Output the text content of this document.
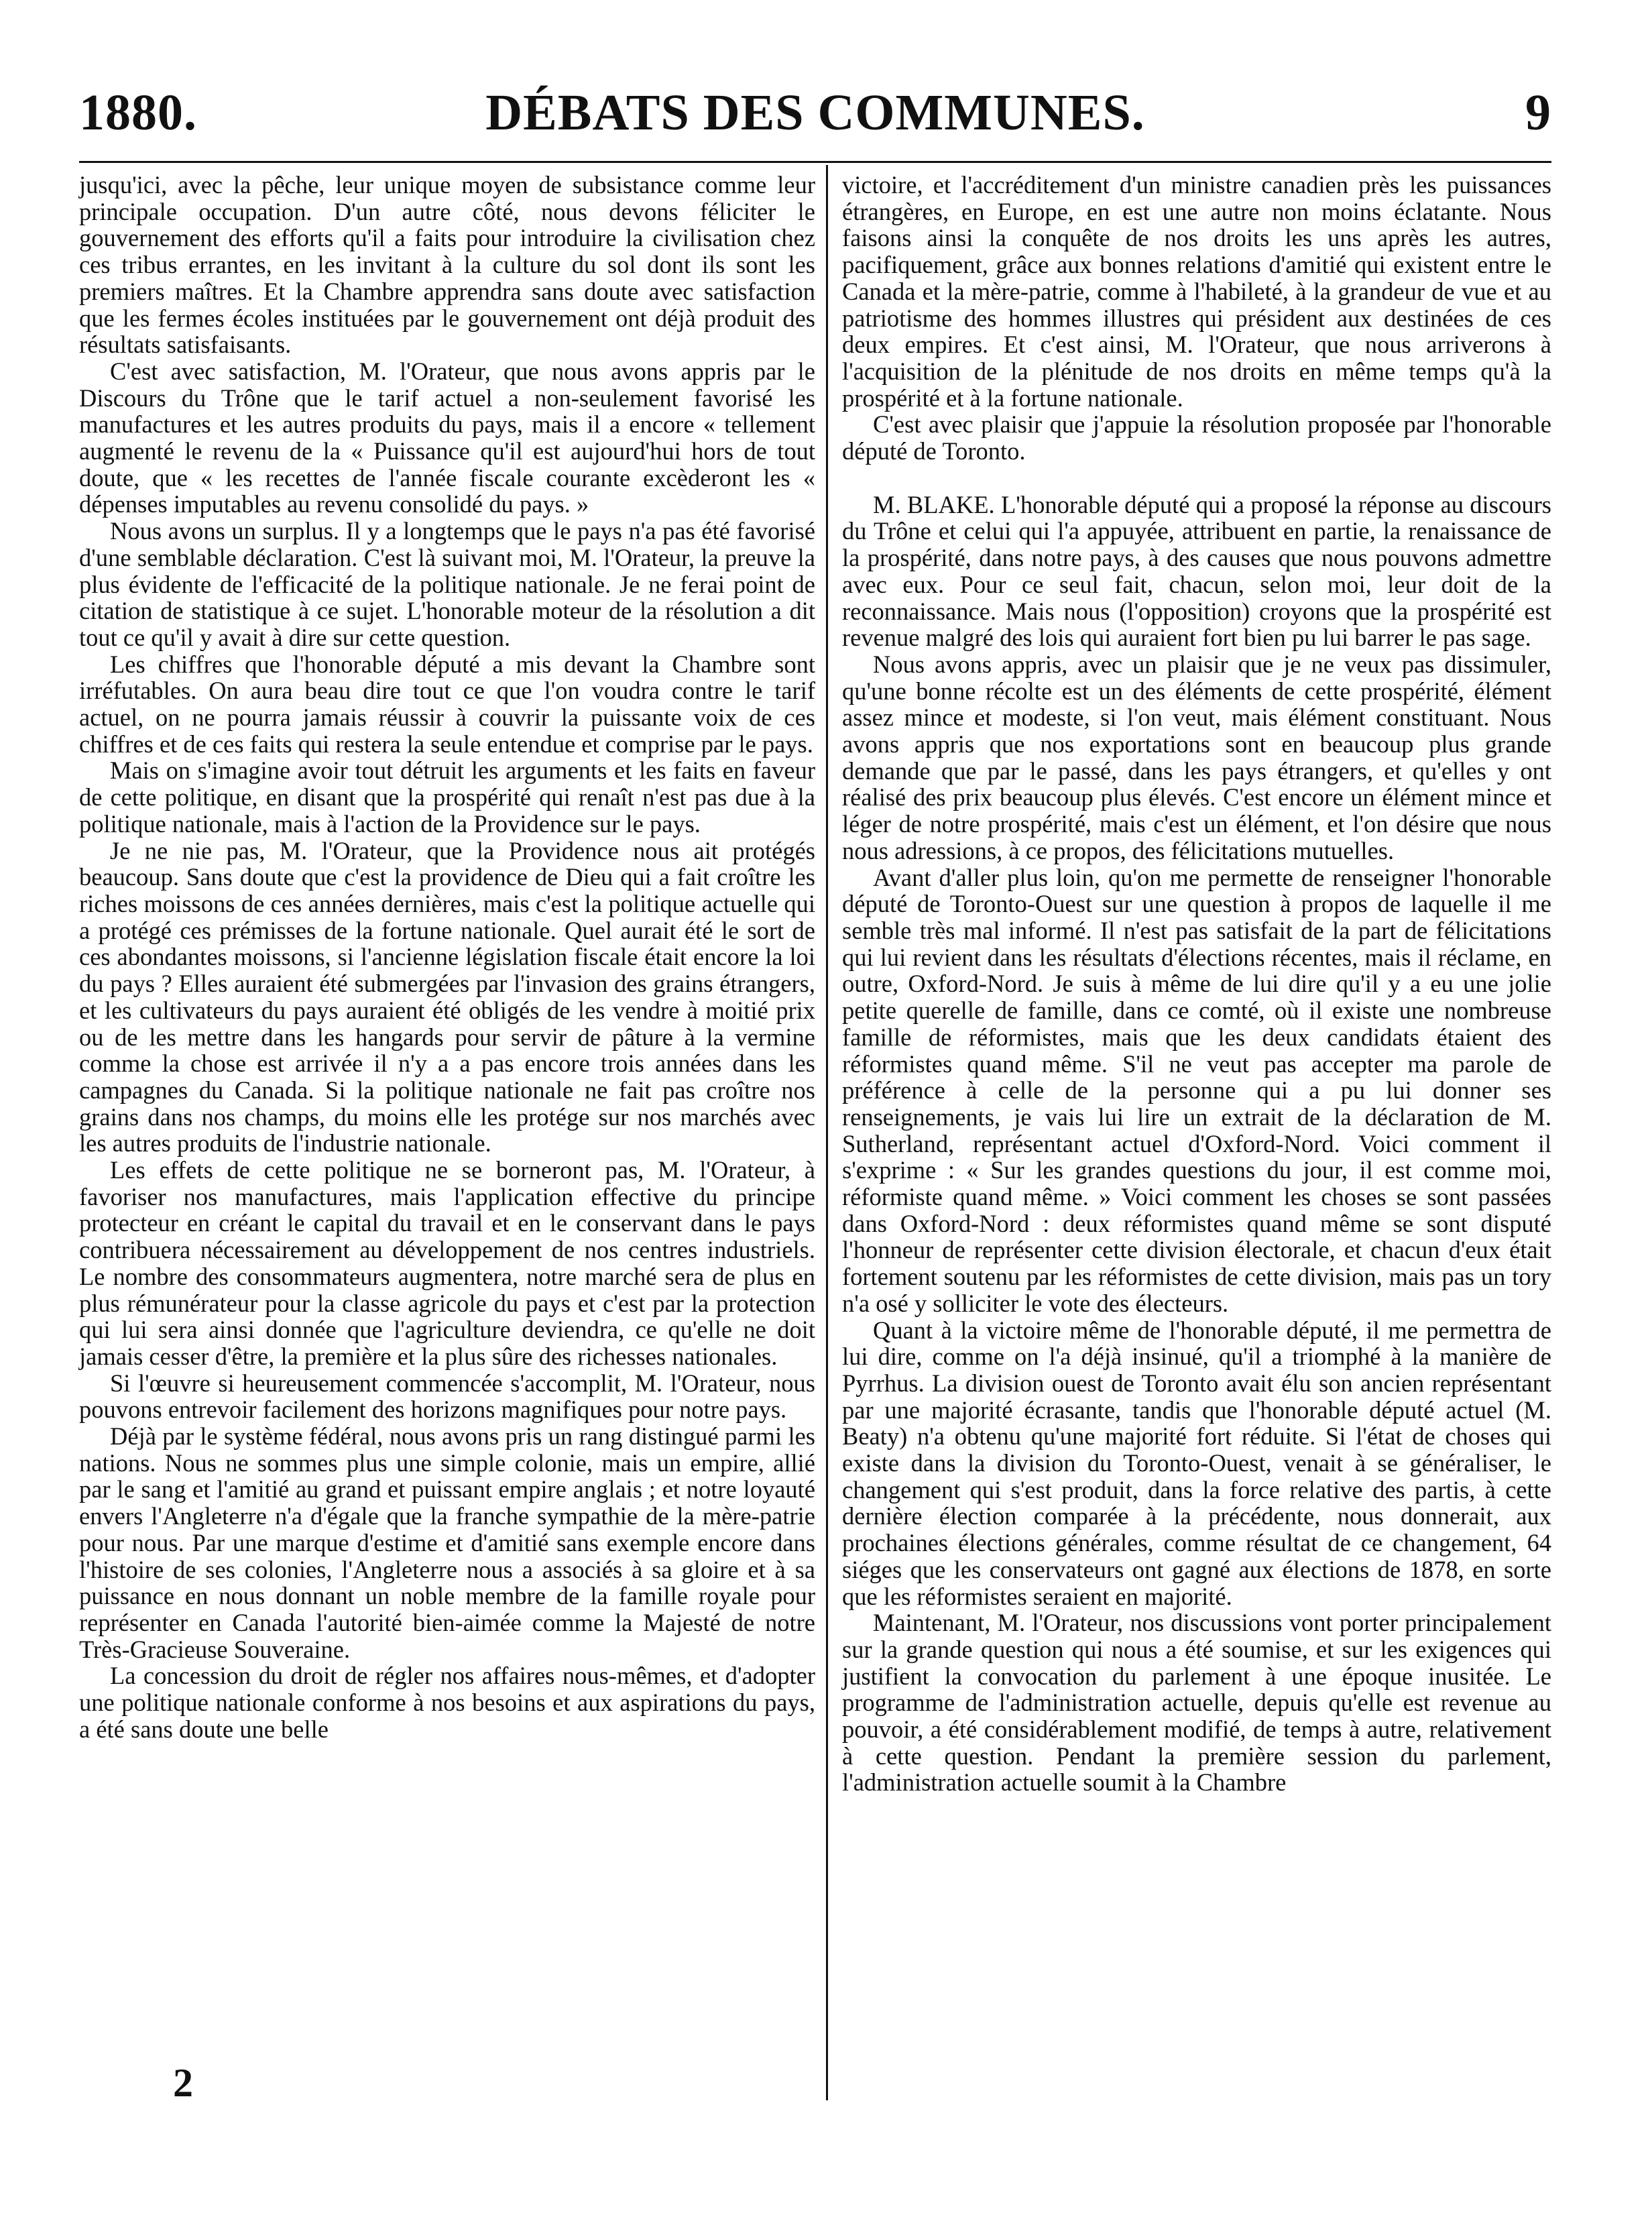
DÉBATS DES COMMUNES.
1880.	9

jusqu'ici, avec la pêche, leur unique moyen de subsistance comme leur principale occupation. D'un autre côté, nous devons féliciter le gouvernement des efforts qu'il a faits pour introduire la civilisation chez ces tribus errantes, en les invitant à la culture du sol dont ils sont les premiers maîtres. Et la Chambre apprendra sans doute avec satisfaction que les fermes écoles instituées par le gouvernement ont déjà produit des résultats satisfaisants.

C'est avec satisfaction, M. l'Orateur, que nous avons appris par le Discours du Trône que le tarif actuel a non-seulement favorisé les manufactures et les autres produits du pays, mais il a encore « tellement augmenté le revenu de la « Puissance qu'il est aujourd'hui hors de tout doute, que « les recettes de l'année fiscale courante excèderont les « dépenses imputables au revenu consolidé du pays. »

Nous avons un surplus. Il y a longtemps que le pays n'a pas été favorisé d'une semblable déclaration. C'est là suivant moi, M. l'Orateur, la preuve la plus évidente de l'efficacité de la politique nationale. Je ne ferai point de citation de statistique à ce sujet. L'honorable moteur de la résolution a dit tout ce qu'il y avait à dire sur cette question.

Les chiffres que l'honorable député a mis devant la Chambre sont irréfutables. On aura beau dire tout ce que l'on voudra contre le tarif actuel, on ne pourra jamais réussir à couvrir la puissante voix de ces chiffres et de ces faits qui restera la seule entendue et comprise par le pays.

Mais on s'imagine avoir tout détruit les arguments et les faits en faveur de cette politique, en disant que la prospérité qui renaît n'est pas due à la politique nationale, mais à l'action de la Providence sur le pays.

Je ne nie pas, M. l'Orateur, que la Providence nous ait protégés beaucoup. Sans doute que c'est la providence de Dieu qui a fait croître les riches moissons de ces années dernières, mais c'est la politique actuelle qui a protégé ces prémisses de la fortune nationale. Quel aurait été le sort de ces abondantes moissons, si l'ancienne législation fiscale était encore la loi du pays ? Elles auraient été submergées par l'invasion des grains étrangers, et les cultivateurs du pays auraient été obligés de les vendre à moitié prix ou de les mettre dans les hangards pour servir de pâture à la vermine comme la chose est arrivée il n'y a a pas encore trois années dans les campagnes du Canada. Si la politique nationale ne fait pas croître nos grains dans nos champs, du moins elle les protége sur nos marchés avec les autres produits de l'industrie nationale.

Les effets de cette politique ne se borneront pas, M. l'Orateur, à favoriser nos manufactures, mais l'application effective du principe protecteur en créant le capital du travail et en le conservant dans le pays contribuera nécessairement au développement de nos centres industriels. Le nombre des consommateurs augmentera, notre marché sera de plus en plus rémunérateur pour la classe agricole du pays et c'est par la protection qui lui sera ainsi donnée que l'agriculture deviendra, ce qu'elle ne doit jamais cesser d'être, la première et la plus sûre des richesses nationales.

Si l'œuvre si heureusement commencée s'accomplit, M. l'Orateur, nous pouvons entrevoir facilement des horizons magnifiques pour notre pays.

Déjà par le système fédéral, nous avons pris un rang distingué parmi les nations. Nous ne sommes plus une simple colonie, mais un empire, allié par le sang et l'amitié au grand et puissant empire anglais ; et notre loyauté envers l'Angleterre n'a d'égale que la franche sympathie de la mère-patrie pour nous. Par une marque d'estime et d'amitié sans exemple encore dans l'histoire de ses colonies, l'Angleterre nous a associés à sa gloire et à sa puissance en nous donnant un noble membre de la famille royale pour représenter en Canada l'autorité bien-aimée comme la Majesté de notre Très-Gracieuse Souveraine.

La concession du droit de régler nos affaires nous-mêmes, et d'adopter une politique nationale conforme à nos besoins et aux aspirations du pays, a été sans doute une belle

victoire, et l'accréditement d'un ministre canadien près les puissances étrangères, en Europe, en est une autre non moins éclatante. Nous faisons ainsi la conquête de nos droits les uns après les autres, pacifiquement, grâce aux bonnes relations d'amitié qui existent entre le Canada et la mère-patrie, comme à l'habileté, à la grandeur de vue et au patriotisme des hommes illustres qui président aux destinées de ces deux empires. Et c'est ainsi, M. l'Orateur, que nous arriverons à l'acquisition de la plénitude de nos droits en même temps qu'à la prospérité et à la fortune nationale.

C'est avec plaisir que j'appuie la résolution proposée par l'honorable député de Toronto.

M. BLAKE. L'honorable député qui a proposé la réponse au discours du Trône et celui qui l'a appuyée, attribuent en partie, la renaissance de la prospérité, dans notre pays, à des causes que nous pouvons admettre avec eux. Pour ce seul fait, chacun, selon moi, leur doit de la reconnaissance. Mais nous (l'opposition) croyons que la prospérité est revenue malgré des lois qui auraient fort bien pu lui barrer le pas sage.

Nous avons appris, avec un plaisir que je ne veux pas dissimuler, qu'une bonne récolte est un des éléments de cette prospérité, élément assez mince et modeste, si l'on veut, mais élément constituant. Nous avons appris que nos exportations sont en beaucoup plus grande demande que par le passé, dans les pays étrangers, et qu'elles y ont réalisé des prix beaucoup plus élevés. C'est encore un élément mince et léger de notre prospérité, mais c'est un élément, et l'on désire que nous nous adressions, à ce propos, des félicitations mutuelles.

Avant d'aller plus loin, qu'on me permette de renseigner l'honorable député de Toronto-Ouest sur une question à propos de laquelle il me semble très mal informé. Il n'est pas satisfait de la part de félicitations qui lui revient dans les résultats d'élections récentes, mais il réclame, en outre, Oxford-Nord. Je suis à même de lui dire qu'il y a eu une jolie petite querelle de famille, dans ce comté, où il existe une nombreuse famille de réformistes, mais que les deux candidats étaient des réformistes quand même. S'il ne veut pas accepter ma parole de préférence à celle de la personne qui a pu lui donner ses renseignements, je vais lui lire un extrait de la déclaration de M. Sutherland, représentant actuel d'Oxford-Nord. Voici comment il s'exprime : « Sur les grandes questions du jour, il est comme moi, réformiste quand même. » Voici comment les choses se sont passées dans Oxford-Nord : deux réformistes quand même se sont disputé l'honneur de représenter cette division électorale, et chacun d'eux était fortement soutenu par les réformistes de cette division, mais pas un tory n'a osé y solliciter le vote des électeurs.

Quant à la victoire même de l'honorable député, il me permettra de lui dire, comme on l'a déjà insinué, qu'il a triomphé à la manière de Pyrrhus. La division ouest de Toronto avait élu son ancien représentant par une majorité écrasante, tandis que l'honorable député actuel (M. Beaty) n'a obtenu qu'une majorité fort réduite. Si l'état de choses qui existe dans la division du Toronto-Ouest, venait à se généraliser, le changement qui s'est produit, dans la force relative des partis, à cette dernière élection comparée à la précédente, nous donnerait, aux prochaines élections générales, comme résultat de ce changement, 64 siéges que les conservateurs ont gagné aux élections de 1878, en sorte que les réformistes seraient en majorité.

Maintenant, M. l'Orateur, nos discussions vont porter principalement sur la grande question qui nous a été soumise, et sur les exigences qui justifient la convocation du parlement à une époque inusitée. Le programme de l'administration actuelle, depuis qu'elle est revenue au pouvoir, a été considérablement modifié, de temps à autre, relativement à cette question. Pendant la première session du parlement, l'administration actuelle soumit à la Chambre

2
